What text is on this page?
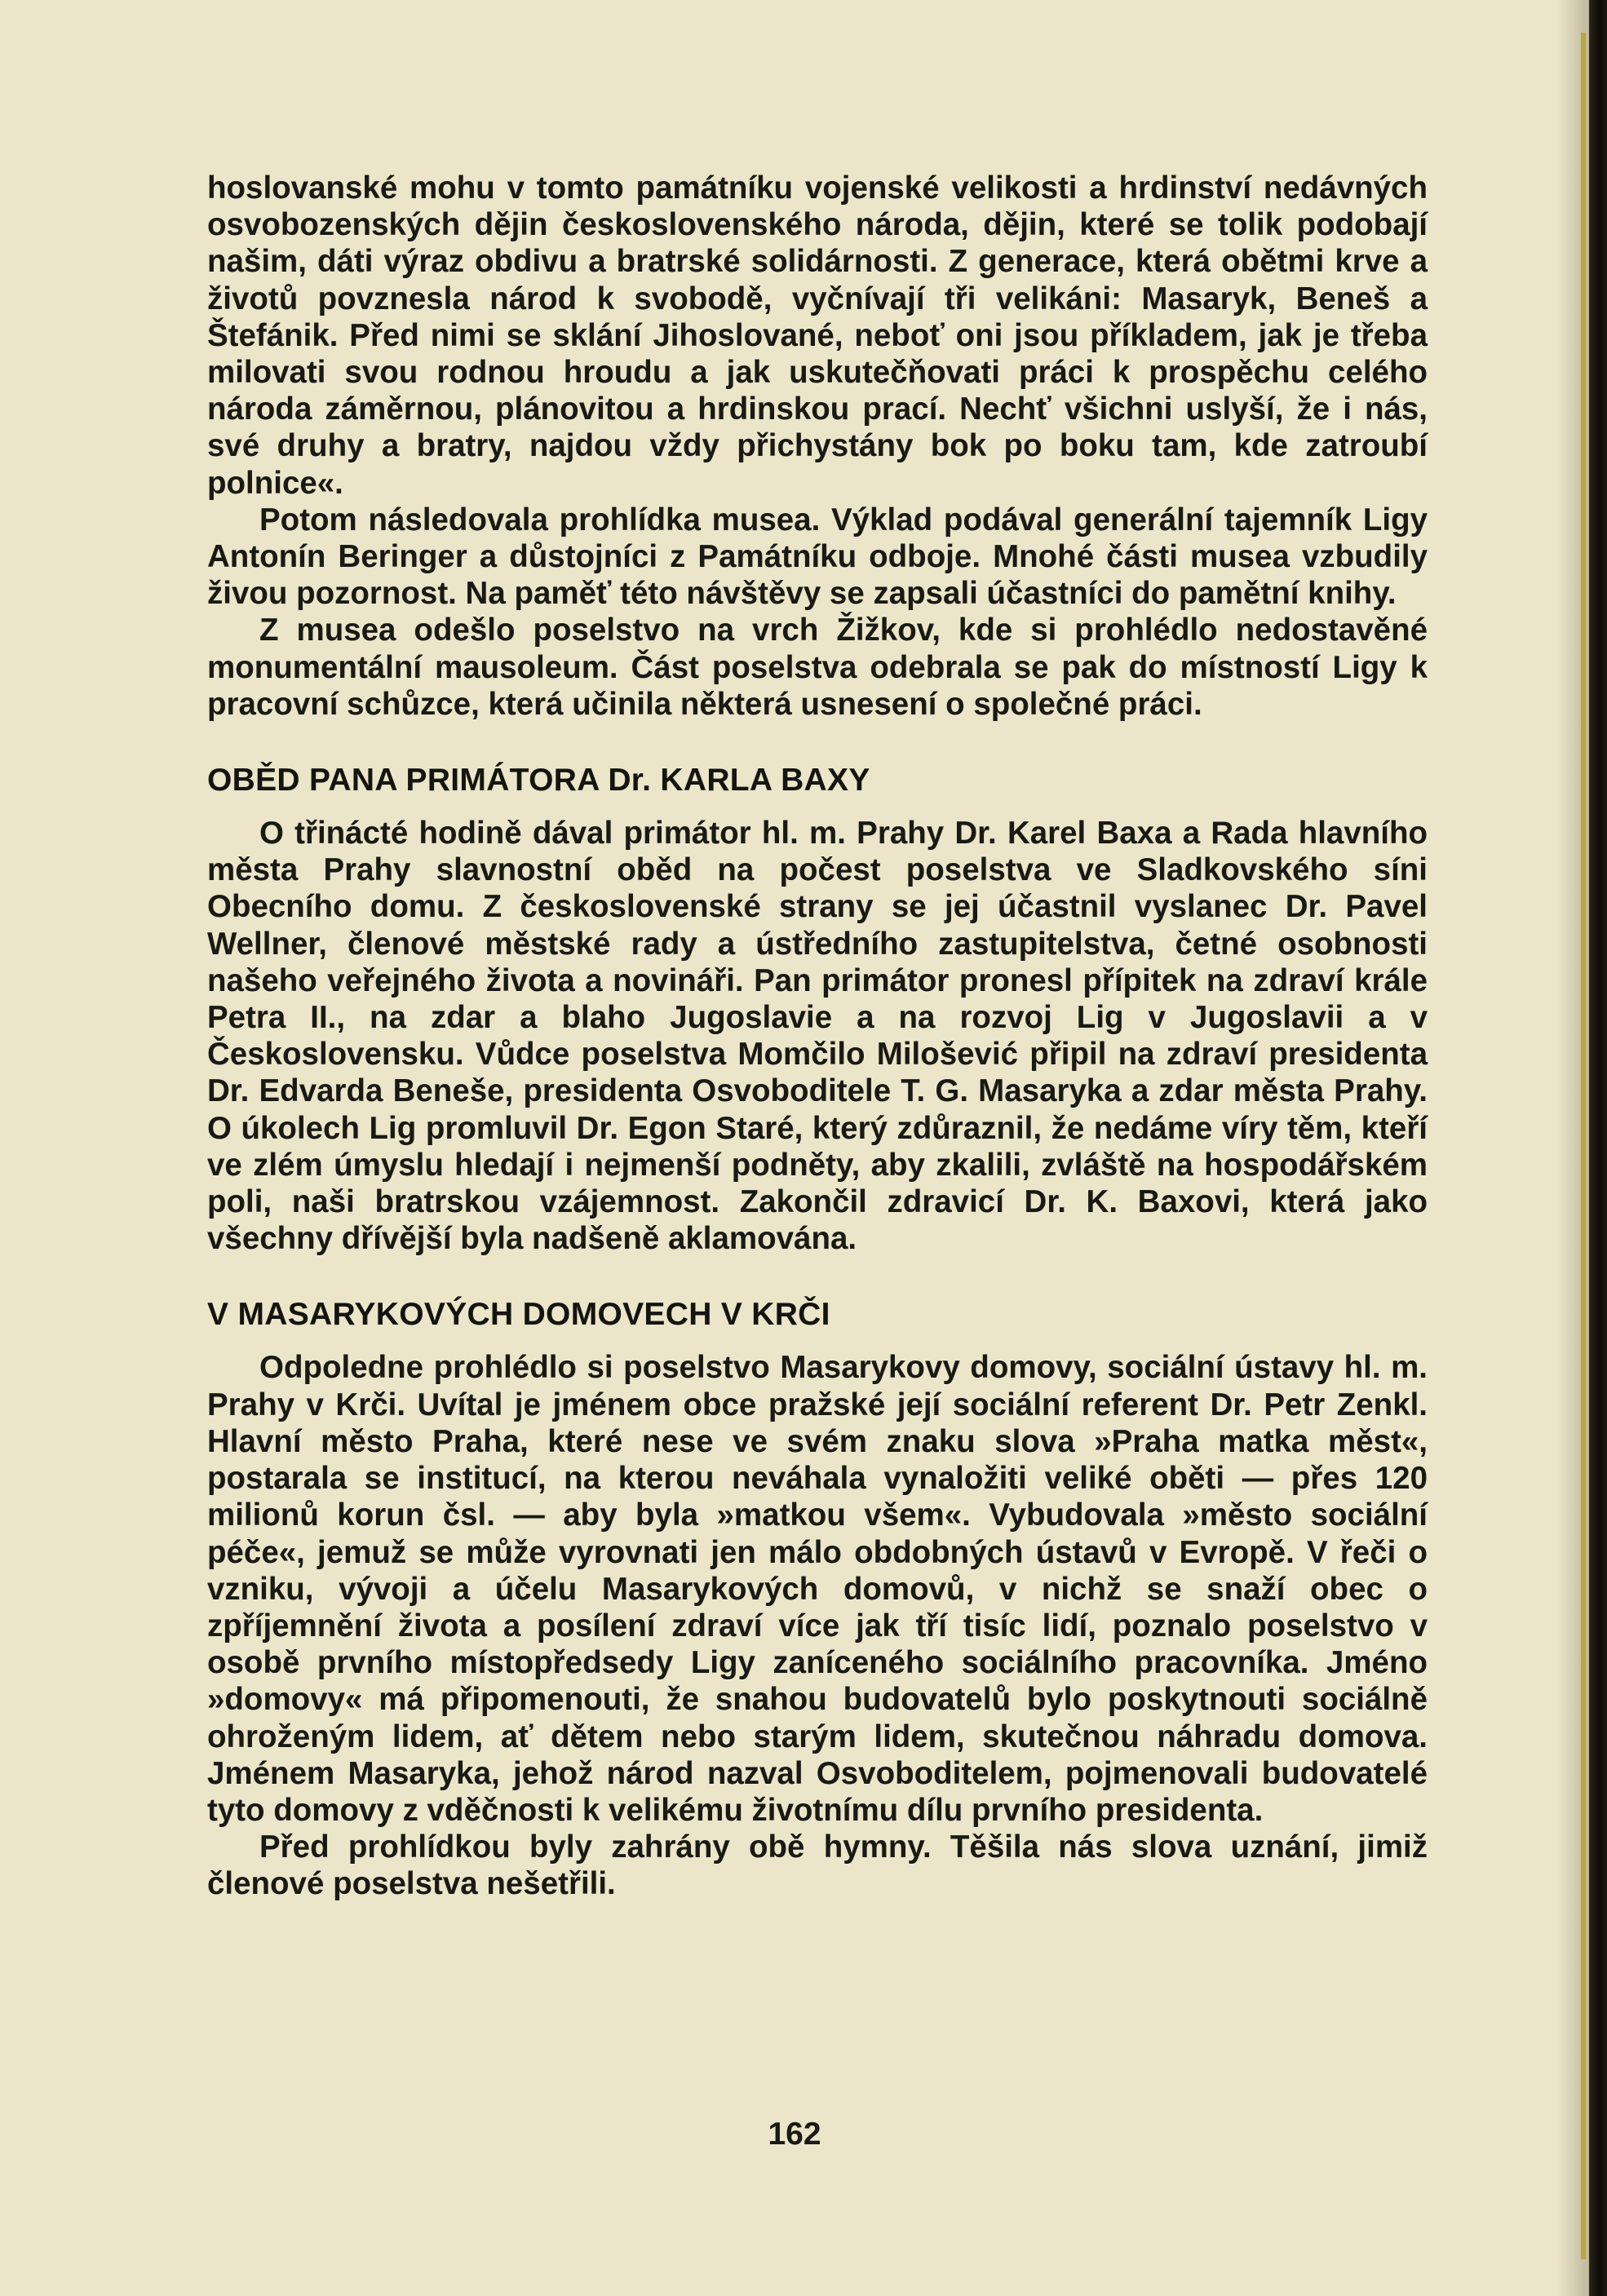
hoslovanské mohu v tomto památníku vojenské velikosti a hrdinství nedávných osvobozenských dějin československého národa, dějin, které se tolik podobají našim, dáti výraz obdivu a bratrské solidárnosti. Z generace, která obětmi krve a životů povznesla národ k svobodě, vyčnívají tři velikáni: Masaryk, Beneš a Štefánik. Před nimi se sklání Jihoslované, neboť oni jsou příkladem, jak je třeba milovati svou rodnou hroudu a jak uskutečňovati práci k prospěchu celého národa záměrnou, plánovitou a hrdinskou prací. Nechť všichni uslyší, že i nás, své druhy a bratry, najdou vždy přichystány bok po boku tam, kde zatroubí polnice«.

Potom následovala prohlídka musea. Výklad podával generální tajemník Ligy Antonín Beringer a důstojníci z Památníku odboje. Mnohé části musea vzbudily živou pozornost. Na paměť této návštěvy se zapsali účastníci do pamětní knihy.

Z musea odešlo poselstvo na vrch Žižkov, kde si prohlédlo nedostavěné monumentální mausoleum. Část poselstva odebrala se pak do místností Ligy k pracovní schůzce, která učinila některá usnesení o společné práci.

OBĚD PANA PRIMÁTORA Dr. KARLA BAXY

O třinácté hodině dával primátor hl. m. Prahy Dr. Karel Baxa a Rada hlavního města Prahy slavnostní oběd na počest poselstva ve Sladkovského síni Obecního domu. Z československé strany se jej účastnil vyslanec Dr. Pavel Wellner, členové městské rady a ústředního zastupitelstva, četné osobnosti našeho veřejného života a novináři. Pan primátor pronesl přípitek na zdraví krále Petra II., na zdar a blaho Jugoslavie a na rozvoj Lig v Jugoslavii a v Československu. Vůdce poselstva Momčilo Milošević připil na zdraví presidenta Dr. Edvarda Beneše, presidenta Osvoboditele T. G. Masaryka a zdar města Prahy. O úkolech Lig promluvil Dr. Egon Staré, který zdůraznil, že nedáme víry těm, kteří ve zlém úmyslu hledají i nejmenší podněty, aby zkalili, zvláště na hospodářském poli, naši bratrskou vzájemnost. Zakončil zdravicí Dr. K. Baxovi, která jako všechny dřívější byla nadšeně aklamována.

V MASARYKOVÝCH DOMOVECH V KRČI

Odpoledne prohlédlo si poselstvo Masarykovy domovy, sociální ústavy hl. m. Prahy v Krči. Uvítal je jménem obce pražské její sociální referent Dr. Petr Zenkl. Hlavní město Praha, které nese ve svém znaku slova »Praha matka měst«, postarala se institucí, na kterou neváhala vynaložiti veliké oběti — přes 120 milionů korun čsl. — aby byla »matkou všem«. Vybudovala »město sociální péče«, jemuž se může vyrovnati jen málo obdobných ústavů v Evropě. V řeči o vzniku, vývoji a účelu Masarykových domovů, v nichž se snaží obec o zpříjemnění života a posílení zdraví více jak tří tisíc lidí, poznalo poselstvo v osobě prvního místopředsedy Ligy zaníceného sociálního pracovníka. Jméno »domovy« má připomenouti, že snahou budovatelů bylo poskytnouti sociálně ohroženým lidem, ať dětem nebo starým lidem, skutečnou náhradu domova. Jménem Masaryka, jehož národ nazval Osvoboditelem, pojmenovali budovatelé tyto domovy z vděčnosti k velikému životnímu dílu prvního presidenta.

Před prohlídkou byly zahrány obě hymny. Těšila nás slova uznání, jimiž členové poselstva nešetřili.

162
